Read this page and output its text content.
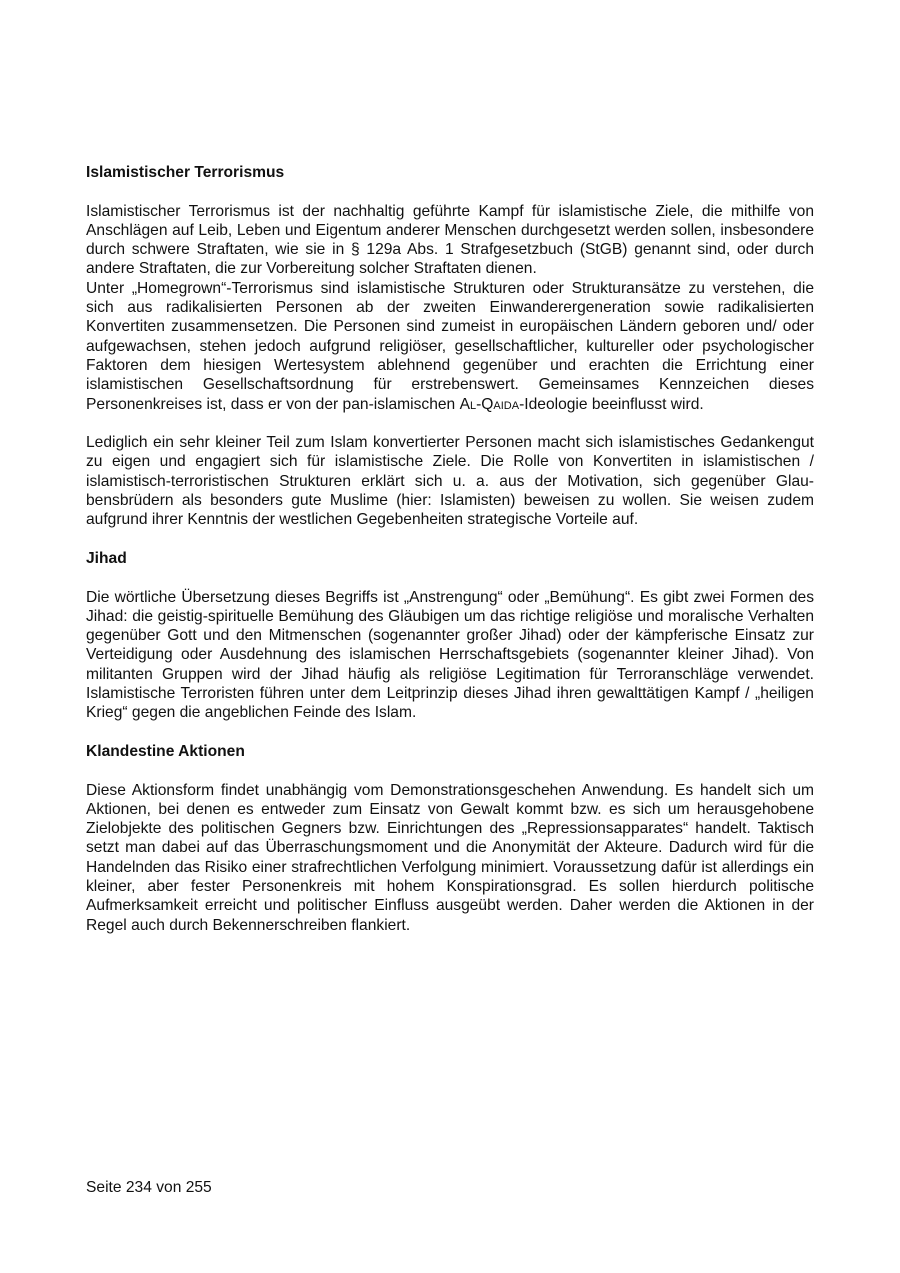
Islamistischer Terrorismus

Islamistischer Terrorismus ist der nachhaltig geführte Kampf für islamistische Ziele, die mithilfe von Anschlägen auf Leib, Leben und Eigentum anderer Menschen durchgesetzt werden sollen, insbesondere durch schwere Straftaten, wie sie in § 129a Abs. 1 Strafgesetzbuch (StGB) genannt sind, oder durch andere Straftaten, die zur Vorbereitung solcher Straftaten dienen.

Unter „Homegrown“-Terrorismus sind islamistische Strukturen oder Strukturansätze zu verstehen, die sich aus radikalisierten Personen ab der zweiten Einwanderergeneration sowie radikalisierten Konvertiten zusammensetzen. Die Personen sind zumeist in europäischen Ländern geboren und/ oder aufgewachsen, stehen jedoch aufgrund religiöser, gesellschaftlicher, kultureller oder psychologischer Faktoren dem hiesigen Wertesystem ablehnend gegenüber und erachten die Errichtung einer islamistischen Gesellschaftsordnung für erstrebenswert. Gemeinsames Kennzeichen dieses Personenkreises ist, dass er von der pan-islamischen Al-Qaida-Ideologie beeinflusst wird.

Lediglich ein sehr kleiner Teil zum Islam konvertierter Personen macht sich islamistisches Gedankengut zu eigen und engagiert sich für islamistische Ziele. Die Rolle von Konvertiten in islamistischen / islamistisch-terroristischen Strukturen erklärt sich u. a. aus der Motivation, sich gegenüber Glaubensbrüdern als besonders gute Muslime (hier: Islamisten) beweisen zu wollen. Sie weisen zudem aufgrund ihrer Kenntnis der westlichen Gegebenheiten strategische Vorteile auf.

Jihad

Die wörtliche Übersetzung dieses Begriffs ist „Anstrengung“ oder „Bemühung“. Es gibt zwei Formen des Jihad: die geistig-spirituelle Bemühung des Gläubigen um das richtige religiöse und moralische Verhalten gegenüber Gott und den Mitmenschen (sogenannter großer Jihad) oder der kämpferische Einsatz zur Verteidigung oder Ausdehnung des islamischen Herrschaftsgebiets (sogenannter kleiner Jihad). Von militanten Gruppen wird der Jihad häufig als religiöse Legitimation für Terroranschläge verwendet. Islamistische Terroristen führen unter dem Leitprinzip dieses Jihad ihren gewalttätigen Kampf / „heiligen Krieg“ gegen die angeblichen Feinde des Islam.

Klandestine Aktionen

Diese Aktionsform findet unabhängig vom Demonstrationsgeschehen Anwendung. Es handelt sich um Aktionen, bei denen es entweder zum Einsatz von Gewalt kommt bzw. es sich um herausgehobene Zielobjekte des politischen Gegners bzw. Einrichtungen des „Repressionsapparates“ handelt. Taktisch setzt man dabei auf das Überraschungsmoment und die Anonymität der Akteure. Dadurch wird für die Handelnden das Risiko einer strafrechtlichen Verfolgung minimiert. Voraussetzung dafür ist allerdings ein kleiner, aber fester Personenkreis mit hohem Konspirationsgrad. Es sollen hierdurch politische Aufmerksamkeit erreicht und politischer Einfluss ausgeübt werden. Daher werden die Aktionen in der Regel auch durch Bekennerschreiben flankiert.

Seite 234 von 255
